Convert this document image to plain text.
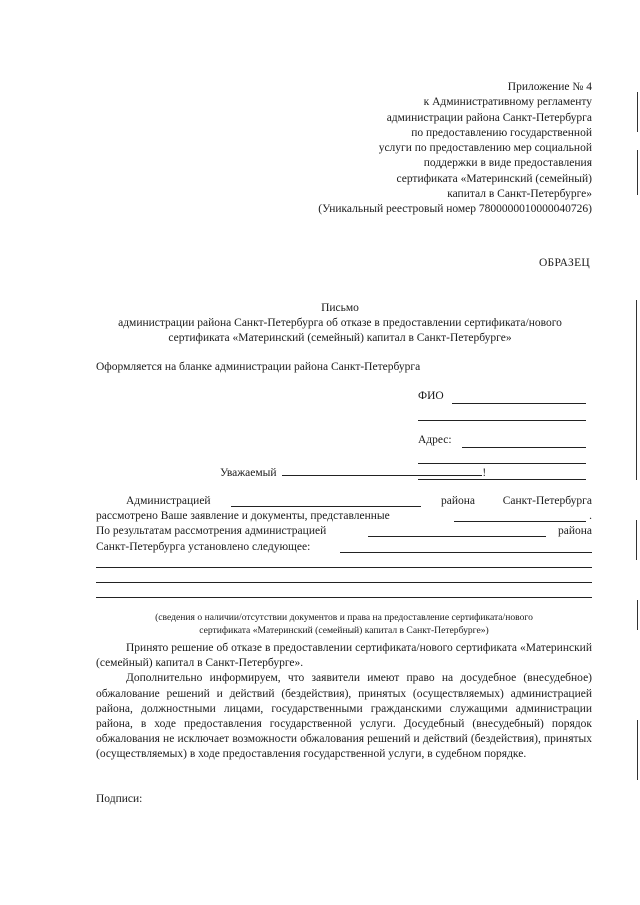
Приложение № 4
к Административному регламенту
администрации района Санкт-Петербурга
по предоставлению государственной
услуги по предоставлению мер социальной
поддержки в виде предоставления
сертификата «Материнский (семейный)
капитал в Санкт-Петербурге»
(Уникальный реестровый номер 7800000010000040726)
ОБРАЗЕЦ
Письмо
администрации района Санкт-Петербурга об отказе в предоставлении сертификата/нового
сертификата «Материнский (семейный) капитал в Санкт-Петербурге»
Оформляется на бланке администрации района Санкт-Петербурга
ФИО
Адрес:
Уважаемый	!
Администрацией	района Санкт-Петербурга
рассмотрено Ваше заявление и документы, представленные	.
По результатам рассмотрения администрацией	района
Санкт-Петербурга установлено следующее:
(сведения о наличии/отсутствии документов и права на предоставление сертификата/нового
сертификата «Материнский (семейный) капитал в Санкт-Петербурге»)
Принято решение об отказе в предоставлении сертификата/нового сертификата «Материнский (семейный) капитал в Санкт-Петербурге».
Дополнительно информируем, что заявители имеют право на досудебное (внесудебное) обжалование решений и действий (бездействия), принятых (осуществляемых) администрацией района, должностными лицами, государственными гражданскими служащими администрации района, в ходе предоставления государственной услуги. Досудебный (внесудебный) порядок обжалования не исключает возможности обжалования решений и действий (бездействия), принятых (осуществляемых) в ходе предоставления государственной услуги, в судебном порядке.
Подписи:
